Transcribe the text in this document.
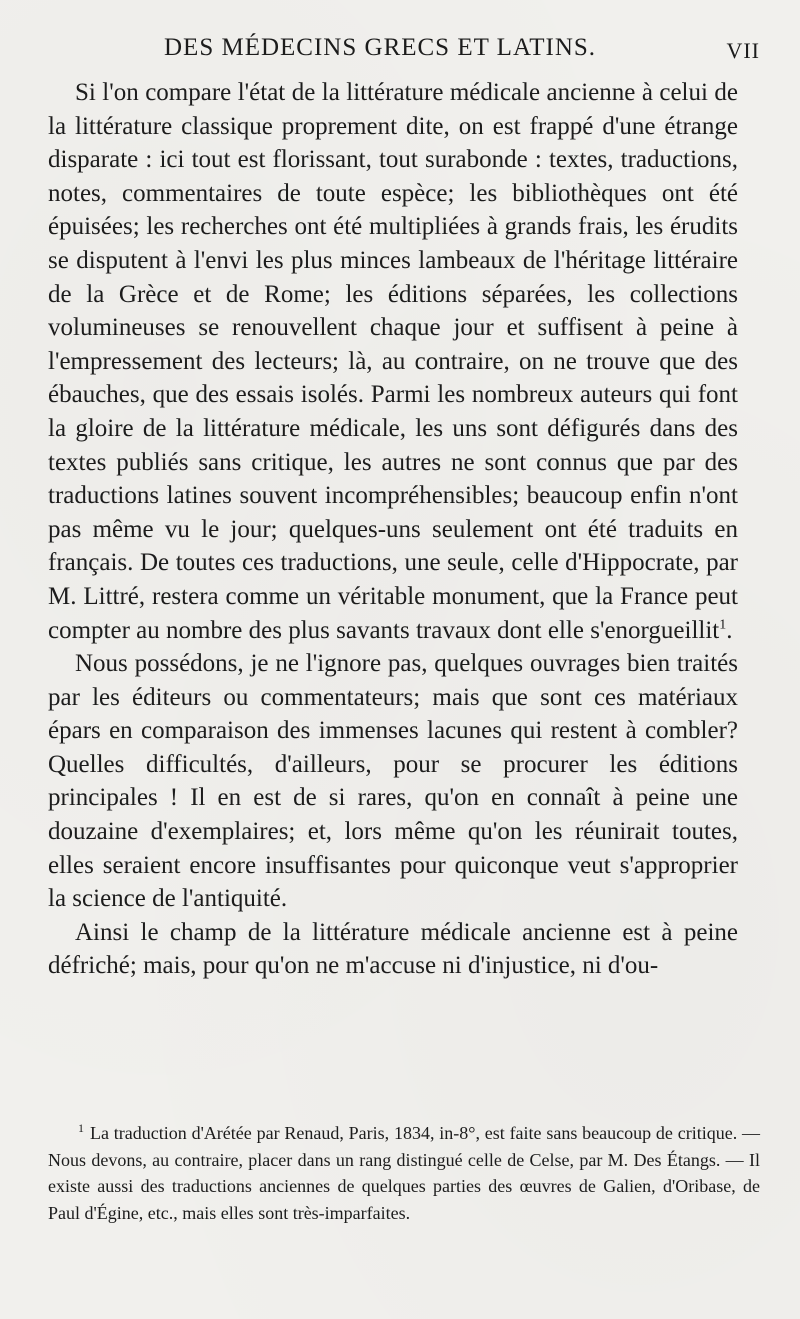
DES MÉDECINS GRECS ET LATINS.	VII

Si l'on compare l'état de la littérature médicale ancienne à celui de la littérature classique proprement dite, on est frappé d'une étrange disparate : ici tout est florissant, tout surabonde : textes, traductions, notes, commentaires de toute espèce; les bibliothèques ont été épuisées; les recherches ont été multipliées à grands frais, les érudits se disputent à l'envi les plus minces lambeaux de l'héritage littéraire de la Grèce et de Rome; les éditions séparées, les collections volumineuses se renouvellent chaque jour et suffisent à peine à l'empressement des lecteurs; là, au contraire, on ne trouve que des ébauches, que des essais isolés. Parmi les nombreux auteurs qui font la gloire de la littérature médicale, les uns sont défigurés dans des textes publiés sans critique, les autres ne sont connus que par des traductions latines souvent incompréhensibles; beaucoup enfin n'ont pas même vu le jour; quelques-uns seulement ont été traduits en français. De toutes ces traductions, une seule, celle d'Hippocrate, par M. Littré, restera comme un véritable monument, que la France peut compter au nombre des plus savants travaux dont elle s'enorgueillit$^1$.

Nous possédons, je ne l'ignore pas, quelques ouvrages bien traités par les éditeurs ou commentateurs; mais que sont ces matériaux épars en comparaison des immenses lacunes qui restent à combler? Quelles difficultés, d'ailleurs, pour se procurer les éditions principales ! Il en est de si rares, qu'on en connaît à peine une douzaine d'exemplaires; et, lors même qu'on les réunirait toutes, elles seraient encore insuffisantes pour quiconque veut s'approprier la science de l'antiquité.

Ainsi le champ de la littérature médicale ancienne est à peine défriché; mais, pour qu'on ne m'accuse ni d'injustice, ni d'ou-

$^1$ La traduction d'Arétée par Renaud, Paris, 1834, in-8°, est faite sans beaucoup de critique. — Nous devons, au contraire, placer dans un rang distingué celle de Celse, par M. Des Étangs. — Il existe aussi des traductions anciennes de quelques parties des œuvres de Galien, d'Oribase, de Paul d'Égine, etc., mais elles sont très-imparfaites.
